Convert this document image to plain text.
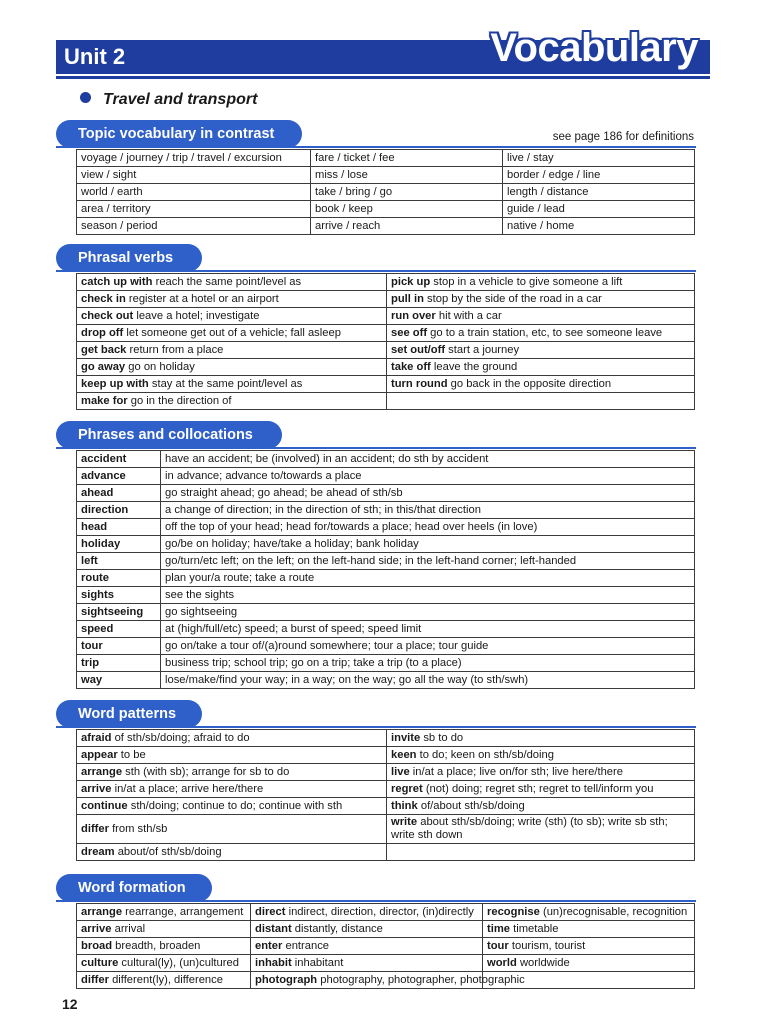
Unit 2	Vocabulary
Travel and transport
Topic vocabulary in contrast	see page 186 for definitions
voyage / journey / trip / travel / excursion	fare / ticket / fee	live / stay
view / sight	miss / lose	border / edge / line
world / earth	take / bring / go	length / distance
area / territory	book / keep	guide / lead
season / period	arrive / reach	native / home
Phrasal verbs
catch up with reach the same point/level as	pick up stop in a vehicle to give someone a lift
check in register at a hotel or an airport	pull in stop by the side of the road in a car
check out leave a hotel; investigate	run over hit with a car
drop off let someone get out of a vehicle; fall asleep	see off go to a train station, etc, to see someone leave
get back return from a place	set out/off start a journey
go away go on holiday	take off leave the ground
keep up with stay at the same point/level as	turn round go back in the opposite direction
make for go in the direction of	
Phrases and collocations
accident	have an accident; be (involved) in an accident; do sth by accident
advance	in advance; advance to/towards a place
ahead	go straight ahead; go ahead; be ahead of sth/sb
direction	a change of direction; in the direction of sth; in this/that direction
head	off the top of your head; head for/towards a place; head over heels (in love)
holiday	go/be on holiday; have/take a holiday; bank holiday
left	go/turn/etc left; on the left; on the left-hand side; in the left-hand corner; left-handed
route	plan your/a route; take a route
sights	see the sights
sightseeing	go sightseeing
speed	at (high/full/etc) speed; a burst of speed; speed limit
tour	go on/take a tour of/(a)round somewhere; tour a place; tour guide
trip	business trip; school trip; go on a trip; take a trip (to a place)
way	lose/make/find your way; in a way; on the way; go all the way (to sth/swh)
Word patterns
afraid of sth/sb/doing; afraid to do	invite sb to do
appear to be	keen to do; keen on sth/sb/doing
arrange sth (with sb); arrange for sb to do	live in/at a place; live on/for sth; live here/there
arrive in/at a place; arrive here/there	regret (not) doing; regret sth; regret to tell/inform you
continue sth/doing; continue to do; continue with sth	think of/about sth/sb/doing
differ from sth/sb	write about sth/sb/doing; write (sth) (to sb); write sb sth; write sth down
dream about/of sth/sb/doing	
Word formation
arrange rearrange, arrangement	direct indirect, direction, director, (in)directly	recognise (un)recognisable, recognition
arrive arrival	distant distantly, distance	time timetable
broad breadth, broaden	enter entrance	tour tourism, tourist
culture cultural(ly), (un)cultured	inhabit inhabitant	world worldwide
differ different(ly), difference	photograph photography, photographer, photographic	
12
